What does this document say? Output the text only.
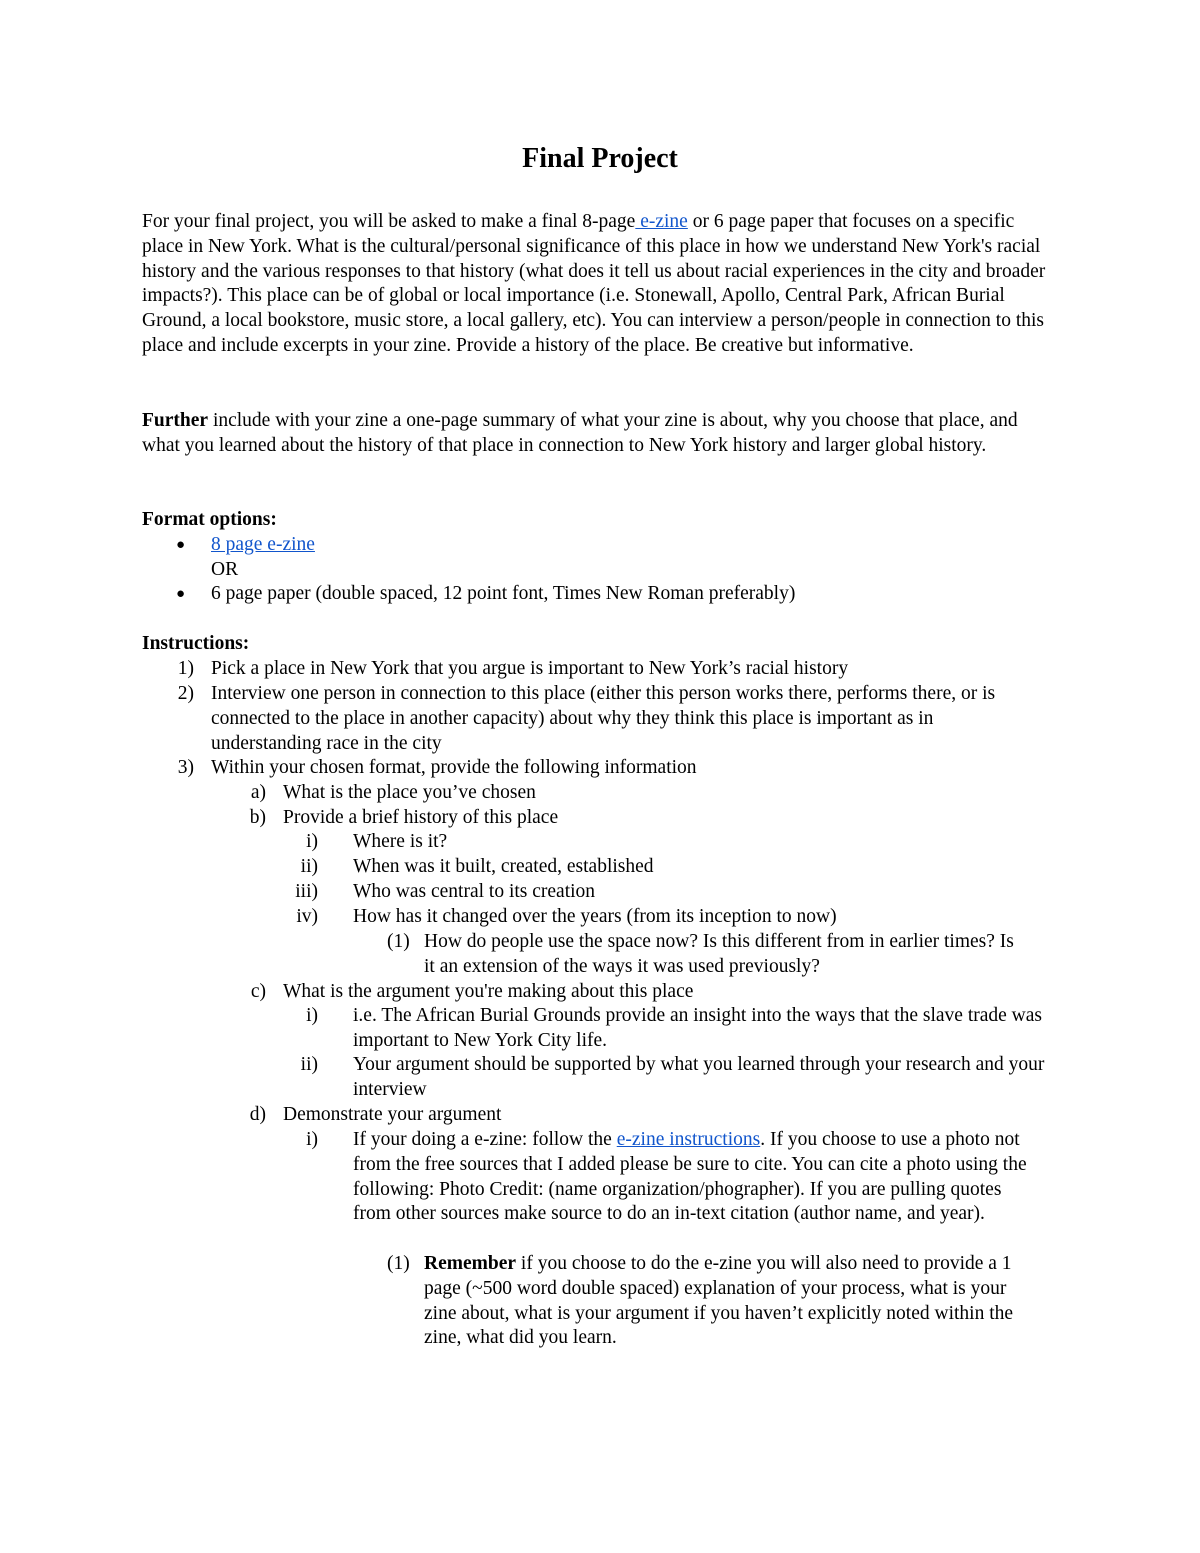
Final Project

For your final project, you will be asked to make a final 8-page e-zine or 6 page paper that focuses on a specific place in New York. What is the cultural/personal significance of this place in how we understand New York's racial history and the various responses to that history (what does it tell us about racial experiences in the city and broader impacts?). This place can be of global or local importance (i.e. Stonewall, Apollo, Central Park, African Burial Ground, a local bookstore, music store, a local gallery, etc). You can interview a person/people in connection to this place and include excerpts in your zine. Provide a history of the place. Be creative but informative.

Further include with your zine a one-page summary of what your zine is about, why you choose that place, and what you learned about the history of that place in connection to New York history and larger global history.

Format options:
● 8 page e-zine
OR
● 6 page paper (double spaced, 12 point font, Times New Roman preferably)
Instructions:
1) Pick a place in New York that you argue is important to New York’s racial history
2) Interview one person in connection to this place (either this person works there, performs there, or is connected to the place in another capacity) about why they think this place is important as in understanding race in the city
3) Within your chosen format, provide the following information
a) What is the place you’ve chosen
b) Provide a brief history of this place
i) Where is it?
ii) When was it built, created, established
iii) Who was central to its creation
iv) How has it changed over the years (from its inception to now)
(1) How do people use the space now? Is this different from in earlier times? Is it an extension of the ways it was used previously?
c) What is the argument you're making about this place
i) i.e. The African Burial Grounds provide an insight into the ways that the slave trade was important to New York City life.
ii) Your argument should be supported by what you learned through your research and your interview
d) Demonstrate your argument
i) If your doing a e-zine: follow the e-zine instructions. If you choose to use a photo not from the free sources that I added please be sure to cite. You can cite a photo using the following: Photo Credit: (name organization/phographer). If you are pulling quotes from other sources make source to do an in-text citation (author name, and year).
(1) Remember if you choose to do the e-zine you will also need to provide a 1 page (~500 word double spaced) explanation of your process, what is your zine about, what is your argument if you haven’t explicitly noted within the zine, what did you learn.
